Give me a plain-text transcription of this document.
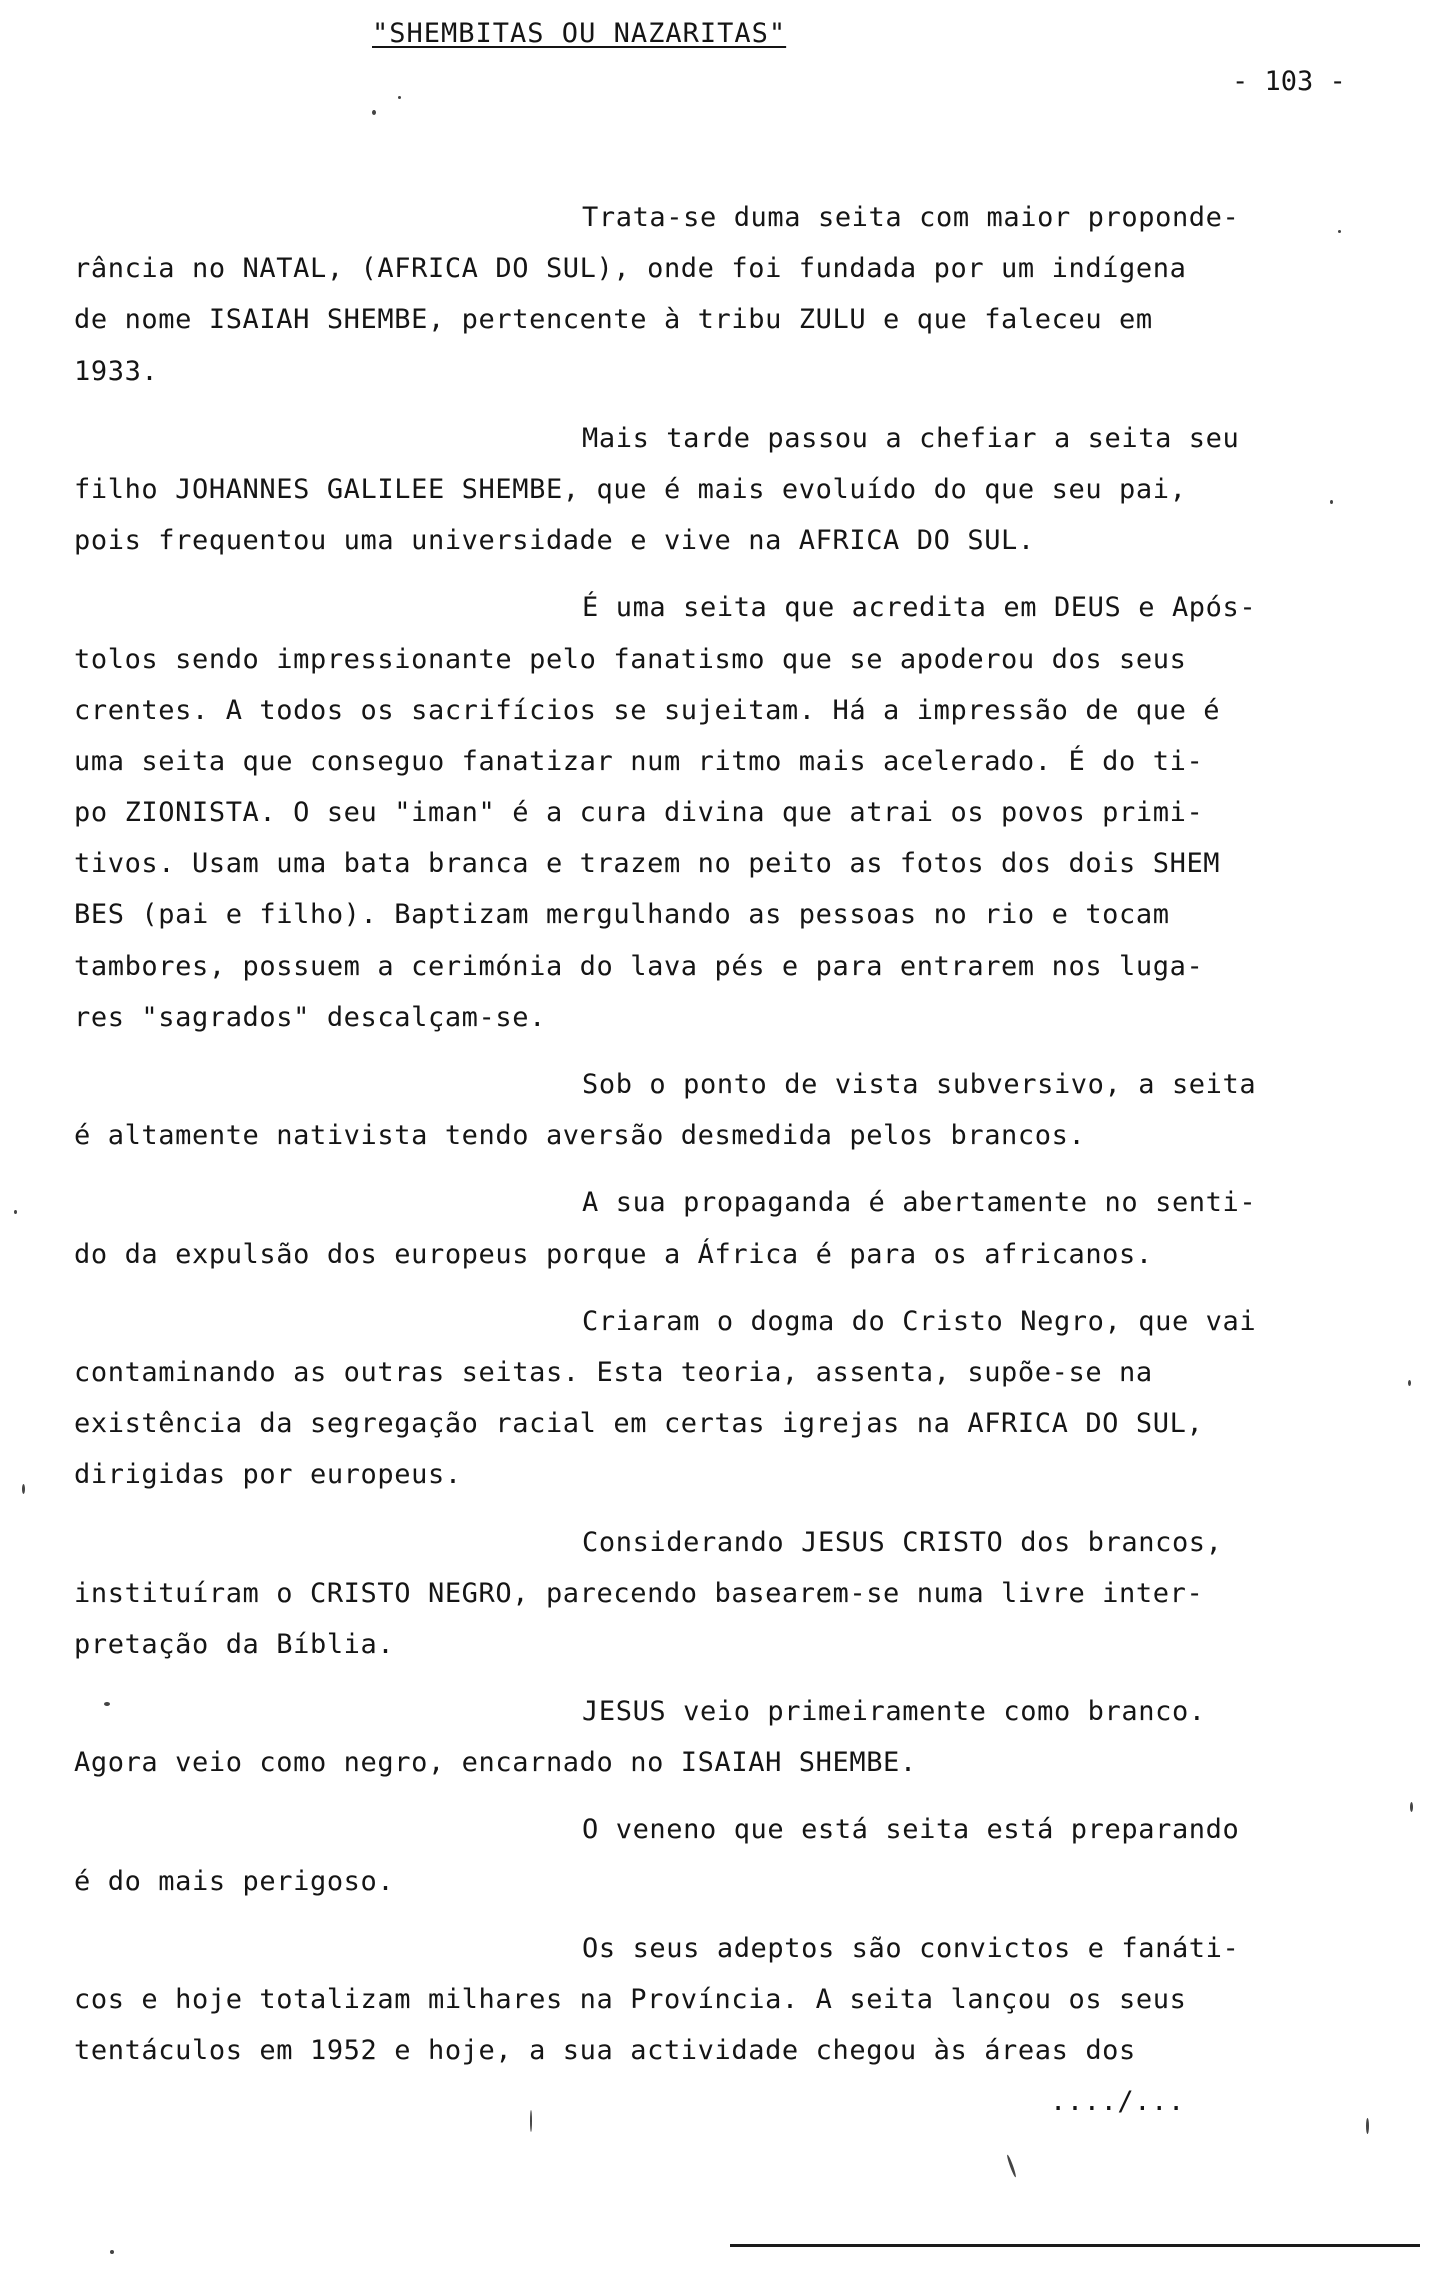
"SHEMBITAS OU NAZARITAS"
- 103 -
Trata-se duma seita com maior proponde-
rância no NATAL, (AFRICA DO SUL), onde foi fundada por um indígena
de nome ISAIAH SHEMBE, pertencente à tribu ZULU e que faleceu em
1933.
Mais tarde passou a chefiar a seita seu
filho JOHANNES GALILEE SHEMBE, que é mais evoluído do que seu pai,
pois frequentou uma universidade e vive na AFRICA DO SUL.
É uma seita que acredita em DEUS e Após-
tolos sendo impressionante pelo fanatismo que se apoderou dos seus
crentes. A todos os sacrifícios se sujeitam. Há a impressão de que é
uma seita que conseguo fanatizar num ritmo mais acelerado. É do ti-
po ZIONISTA. O seu "iman" é a cura divina que atrai os povos primi-
tivos. Usam uma bata branca e trazem no peito as fotos dos dois SHEM
BES (pai e filho). Baptizam mergulhando as pessoas no rio e tocam
tambores, possuem a cerimónia do lava pés e para entrarem nos luga-
res "sagrados" descalçam-se.
Sob o ponto de vista subversivo, a seita
é altamente nativista tendo aversão desmedida pelos brancos.
A sua propaganda é abertamente no senti-
do da expulsão dos europeus porque a África é para os africanos.
Criaram o dogma do Cristo Negro, que vai
contaminando as outras seitas. Esta teoria, assenta, supõe-se na
existência da segregação racial em certas igrejas na AFRICA DO SUL,
dirigidas por europeus.
Considerando JESUS CRISTO dos brancos,
instituíram o CRISTO NEGRO, parecendo basearem-se numa livre inter-
pretação da Bíblia.
JESUS veio primeiramente como branco.
Agora veio como negro, encarnado no ISAIAH SHEMBE.
O veneno que está seita está preparando
é do mais perigoso.
Os seus adeptos são convictos e fanáti-
cos e hoje totalizam milhares na Província. A seita lançou os seus
tentáculos em 1952 e hoje, a sua actividade chegou às áreas dos
..../...
